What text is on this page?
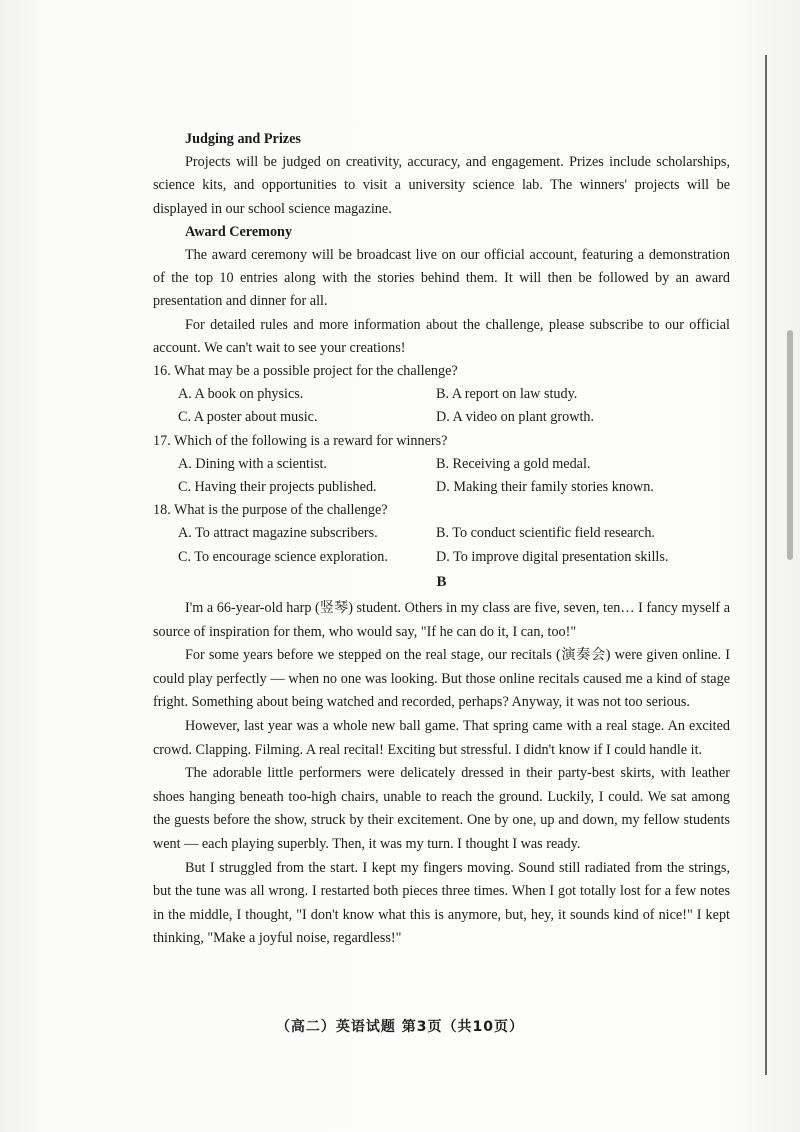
Judging and Prizes

Projects will be judged on creativity, accuracy, and engagement. Prizes include scholarships, science kits, and opportunities to visit a university science lab. The winners' projects will be displayed in our school science magazine.

Award Ceremony

The award ceremony will be broadcast live on our official account, featuring a demonstration of the top 10 entries along with the stories behind them. It will then be followed by an award presentation and dinner for all.

For detailed rules and more information about the challenge, please subscribe to our official account. We can't wait to see your creations!

16. What may be a possible project for the challenge?

A. A book on physics.	B. A report on law study.

C. A poster about music.	D. A video on plant growth.

17. Which of the following is a reward for winners?

A. Dining with a scientist.	B. Receiving a gold medal.

C. Having their projects published.	D. Making their family stories known.

18. What is the purpose of the challenge?

A. To attract magazine subscribers.	B. To conduct scientific field research.

C. To encourage science exploration.	D. To improve digital presentation skills.

B

I'm a 66-year-old harp (竖琴) student. Others in my class are five, seven, ten… I fancy myself a source of inspiration for them, who would say, "If he can do it, I can, too!"

For some years before we stepped on the real stage, our recitals (演奏会) were given online. I could play perfectly — when no one was looking. But those online recitals caused me a kind of stage fright. Something about being watched and recorded, perhaps? Anyway, it was not too serious.

However, last year was a whole new ball game. That spring came with a real stage. An excited crowd. Clapping. Filming. A real recital! Exciting but stressful. I didn't know if I could handle it.

The adorable little performers were delicately dressed in their party-best skirts, with leather shoes hanging beneath too-high chairs, unable to reach the ground. Luckily, I could. We sat among the guests before the show, struck by their excitement. One by one, up and down, my fellow students went — each playing superbly. Then, it was my turn. I thought I was ready.

But I struggled from the start. I kept my fingers moving. Sound still radiated from the strings, but the tune was all wrong. I restarted both pieces three times. When I got totally lost for a few notes in the middle, I thought, "I don't know what this is anymore, but, hey, it sounds kind of nice!" I kept thinking, "Make a joyful noise, regardless!"

（高二）英语试题 第3页（共10页）
